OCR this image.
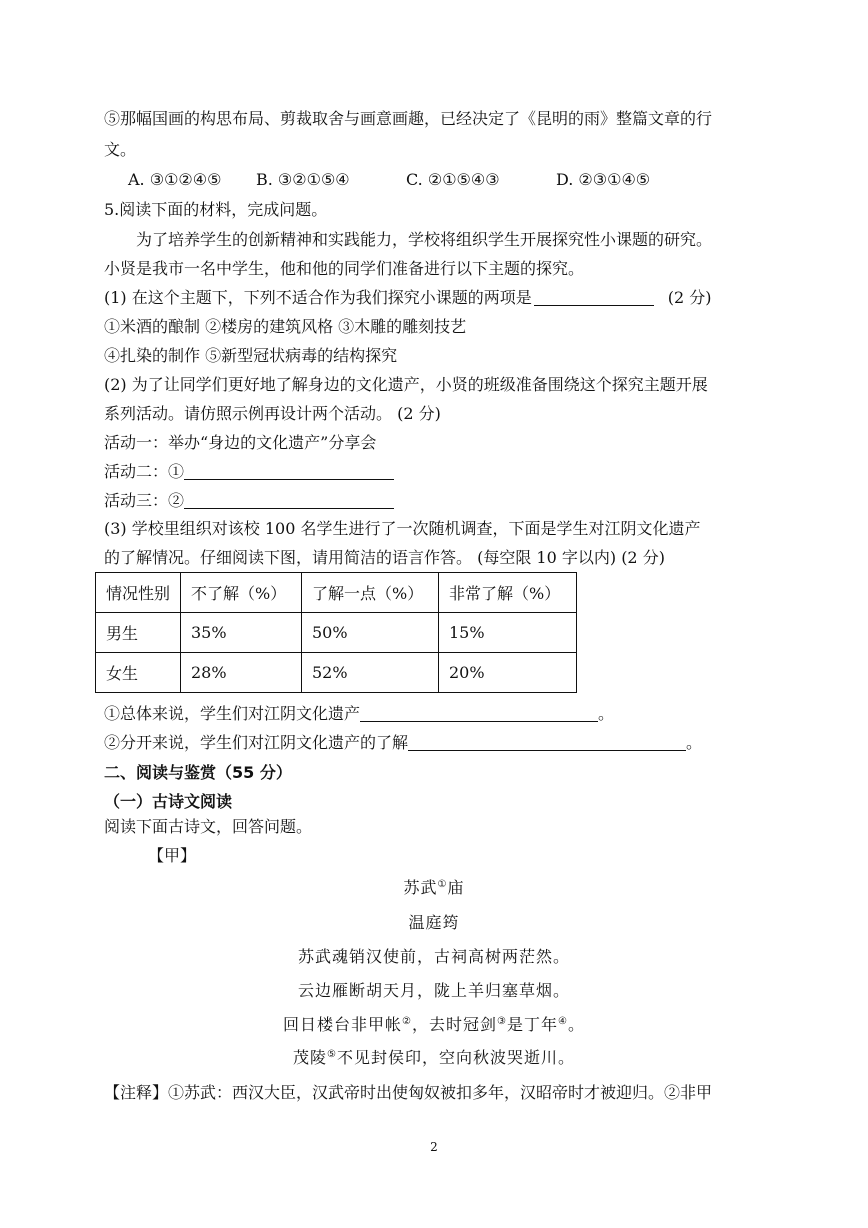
⑤那幅国画的构思布局、剪裁取舍与画意画趣，已经决定了《昆明的雨》整篇文章的行
文。
A. ③①②④⑤ B. ③②①⑤④	C. ②①⑤④③	D. ②③①④⑤
5.阅读下面的材料，完成问题。
为了培养学生的创新精神和实践能力，学校将组织学生开展探究性小课题的研究。
小贤是我市一名中学生，他和他的同学们准备进行以下主题的探究。
(1) 在这个主题下，下列不适合作为我们探究小课题的两项是	(2 分)
①米酒的酿制 ②楼房的建筑风格 ③木雕的雕刻技艺
④扎染的制作 ⑤新型冠状病毒的结构探究
(2) 为了让同学们更好地了解身边的文化遗产，小贤的班级准备围绕这个探究主题开展
系列活动。请仿照示例再设计两个活动。 (2 分)
活动一：举办“身边的文化遗产”分享会
活动二：①
活动三：②
(3) 学校里组织对该校 100 名学生进行了一次随机调查，下面是学生对江阴文化遗产
的了解情况。仔细阅读下图，请用简洁的语言作答。 (每空限 10 字以内) (2 分)
情况性别	不了解（%）	了解一点（%）	非常了解（%）
男生	35%	50%	15%
女生	28%	52%	20%
①总体来说，学生们对江阴文化遗产	。
②分开来说，学生们对江阴文化遗产的了解	。
二、阅读与鉴赏（55 分）
（一）古诗文阅读
阅读下面古诗文，回答问题。
【甲】
苏武①庙
温庭筠
苏武魂销汉使前，古祠高树两茫然。
云边雁断胡天月，陇上羊归塞草烟。
回日楼台非甲帐②，去时冠剑③是丁年④。
茂陵⑤不见封侯印，空向秋波哭逝川。
【注释】①苏武：西汉大臣，汉武帝时出使匈奴被扣多年，汉昭帝时才被迎归。②非甲
2
